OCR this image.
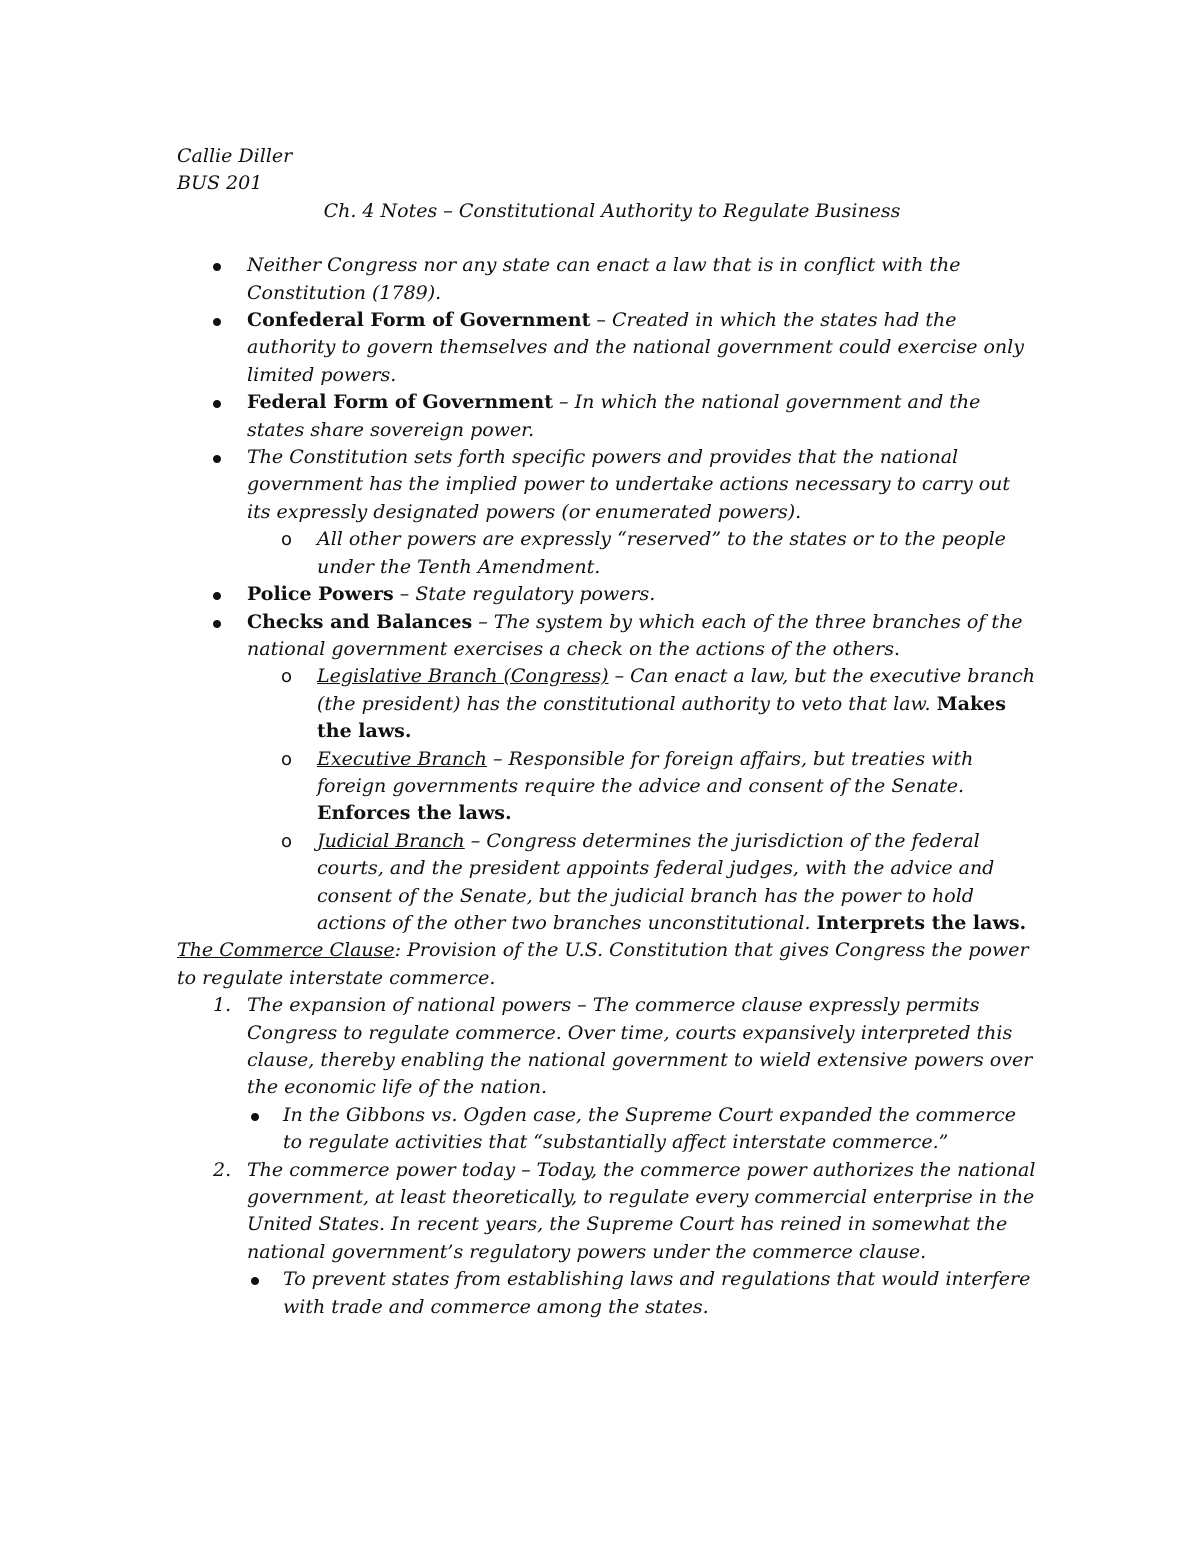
Callie Diller

BUS 201

Ch. 4 Notes – Constitutional Authority to Regulate Business

Neither Congress nor any state can enact a law that is in conflict with the Constitution (1789).
Confederal Form of Government – Created in which the states had the authority to govern themselves and the national government could exercise only limited powers.
Federal Form of Government – In which the national government and the states share sovereign power.
The Constitution sets forth specific powers and provides that the national government has the implied power to undertake actions necessary to carry out its expressly designated powers (or enumerated powers).
o All other powers are expressly “reserved” to the states or to the people under the Tenth Amendment.
Police Powers – State regulatory powers.
Checks and Balances – The system by which each of the three branches of the national government exercises a check on the actions of the others.
o Legislative Branch (Congress) – Can enact a law, but the executive branch (the president) has the constitutional authority to veto that law. Makes the laws.
o Executive Branch – Responsible for foreign affairs, but treaties with foreign governments require the advice and consent of the Senate. Enforces the laws.
o Judicial Branch – Congress determines the jurisdiction of the federal courts, and the president appoints federal judges, with the advice and consent of the Senate, but the judicial branch has the power to hold actions of the other two branches unconstitutional. Interprets the laws.

The Commerce Clause: Provision of the U.S. Constitution that gives Congress the power to regulate interstate commerce.

1. The expansion of national powers – The commerce clause expressly permits Congress to regulate commerce. Over time, courts expansively interpreted this clause, thereby enabling the national government to wield extensive powers over the economic life of the nation.
In the Gibbons vs. Ogden case, the Supreme Court expanded the commerce to regulate activities that “substantially affect interstate commerce.”
2. The commerce power today – Today, the commerce power authorizes the national government, at least theoretically, to regulate every commercial enterprise in the United States. In recent years, the Supreme Court has reined in somewhat the national government’s regulatory powers under the commerce clause.
To prevent states from establishing laws and regulations that would interfere with trade and commerce among the states.
